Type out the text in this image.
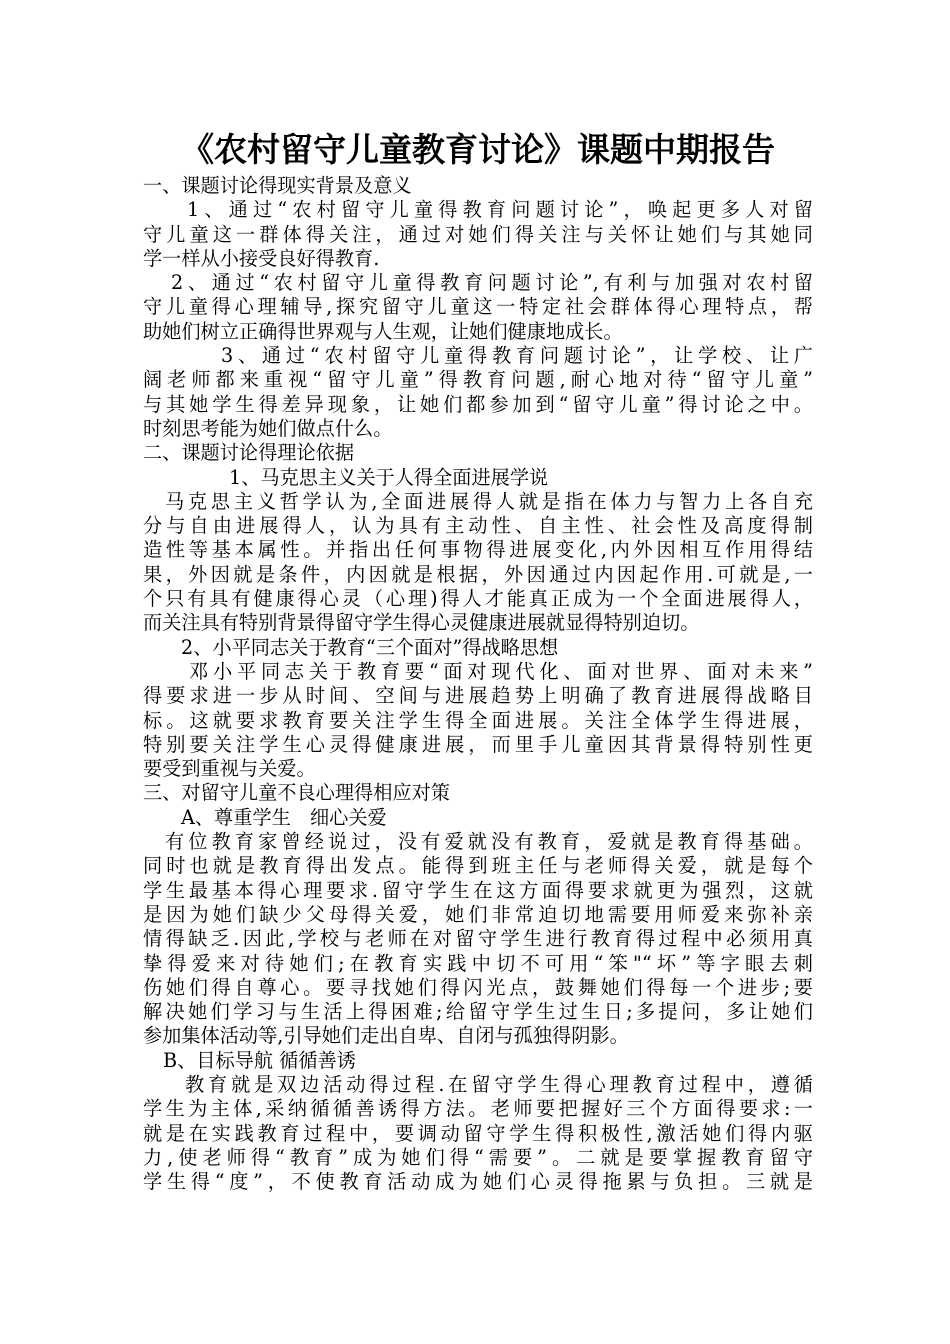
《农村留守儿童教育讨论》课题中期报告
一、课题讨论得现实背景及意义
1、通过“农村留守儿童得教育问题讨论”，唤起更多人对留
守儿童这一群体得关注，通过对她们得关注与关怀让她们与其她同
学一样从小接受良好得教育.
2、通过“农村留守儿童得教育问题讨论”,有利与加强对农村留
守儿童得心理辅导,探究留守儿童这一特定社会群体得心理特点，帮
助她们树立正确得世界观与人生观，让她们健康地成长。
3、通过“农村留守儿童得教育问题讨论”，让学校、让广
阔老师都来重视“留守儿童”得教育问题,耐心地对待“留守儿童”
与其她学生得差异现象，让她们都参加到“留守儿童”得讨论之中。
时刻思考能为她们做点什么。
二、课题讨论得理论依据
1、马克思主义关于人得全面进展学说
马克思主义哲学认为,全面进展得人就是指在体力与智力上各自充
分与自由进展得人，认为具有主动性、自主性、社会性及高度得制
造性等基本属性。并指出任何事物得进展变化,内外因相互作用得结
果，外因就是条件，内因就是根据，外因通过内因起作用.可就是,一
个只有具有健康得心灵（心理)得人才能真正成为一个全面进展得人，
而关注具有特别背景得留守学生得心灵健康进展就显得特别迫切。
2、小平同志关于教育“三个面对”得战略思想
邓小平同志关于教育要“面对现代化、面对世界、面对未来”
得要求进一步从时间、空间与进展趋势上明确了教育进展得战略目
标。这就要求教育要关注学生得全面进展。关注全体学生得进展，
特别要关注学生心灵得健康进展，而里手儿童因其背景得特别性更
要受到重视与关爱。
三、对留守儿童不良心理得相应对策
A、尊重学生　细心关爱
有位教育家曾经说过，没有爱就没有教育，爱就是教育得基础。
同时也就是教育得出发点。能得到班主任与老师得关爱，就是每个
学生最基本得心理要求.留守学生在这方面得要求就更为强烈，这就
是因为她们缺少父母得关爱，她们非常迫切地需要用师爱来弥补亲
情得缺乏.因此,学校与老师在对留守学生进行教育得过程中必须用真
挚得爱来对待她们;在教育实践中切不可用“笨"“坏”等字眼去刺
伤她们得自尊心。要寻找她们得闪光点，鼓舞她们得每一个进步;要
解决她们学习与生活上得困难;给留守学生过生日;多提问，多让她们
参加集体活动等,引导她们走出自卑、自闭与孤独得阴影。
B、目标导航 循循善诱
教育就是双边活动得过程.在留守学生得心理教育过程中，遵循
学生为主体,采纳循循善诱得方法。老师要把握好三个方面得要求:一
就是在实践教育过程中，要调动留守学生得积极性,激活她们得内驱
力,使老师得“教育”成为她们得“需要”。二就是要掌握教育留守
学生得“度”，不使教育活动成为她们心灵得拖累与负担。三就是
